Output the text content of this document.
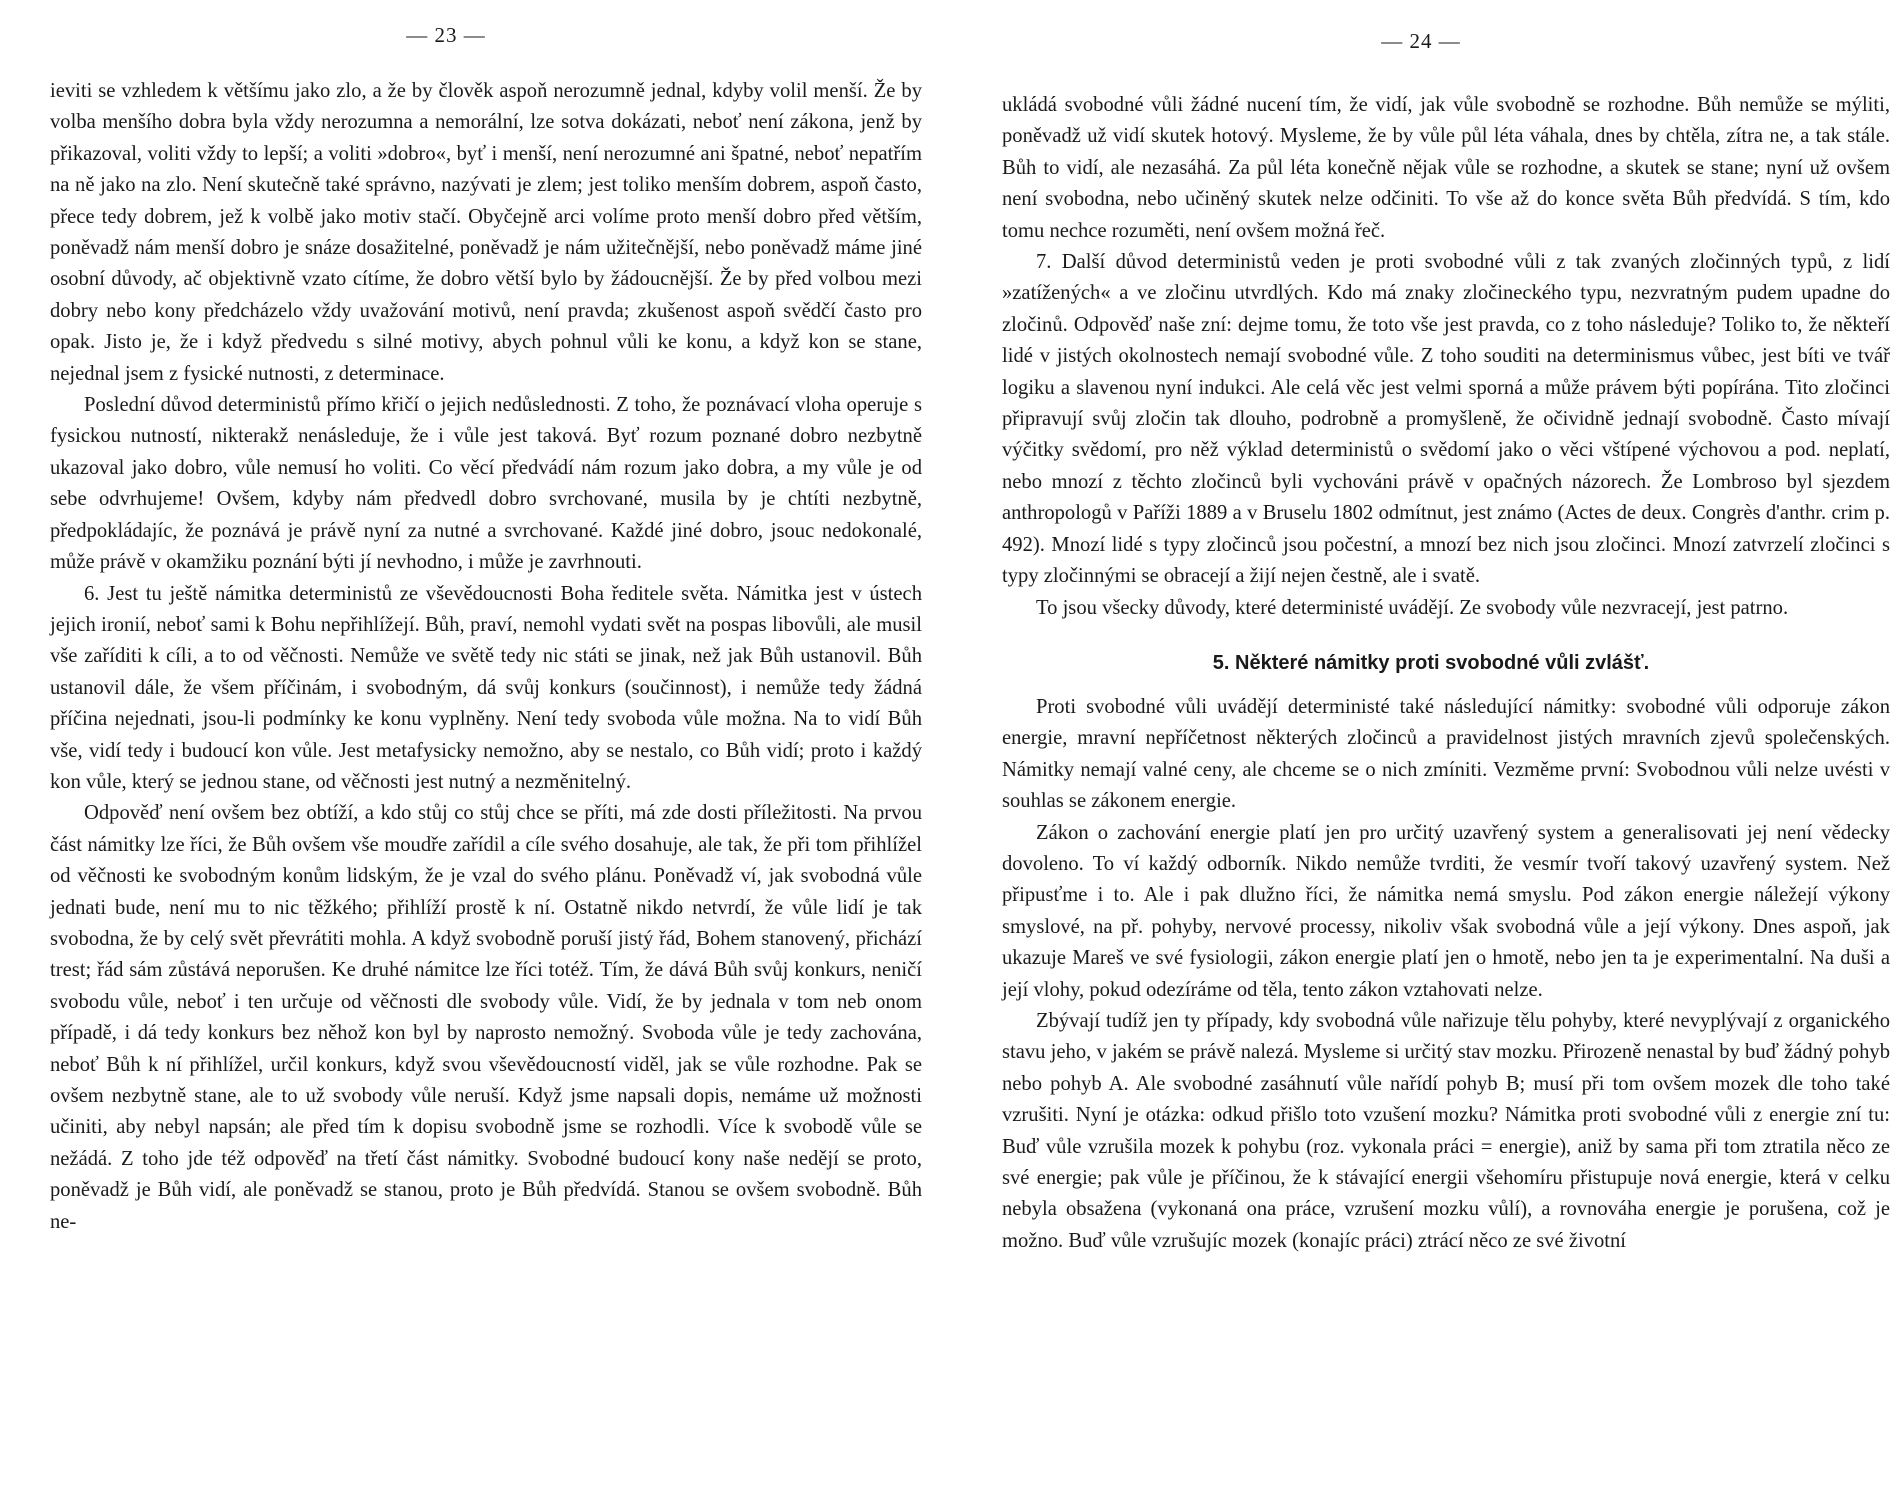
— 23 —

ieviti se vzhledem k většímu jako zlo, a že by člověk aspoň nerozumně jednal, kdyby volil menší. Že by volba menšího dobra byla vždy nerozumna a nemorální, lze sotva dokázati, neboť není zákona, jenž by přikazoval, voliti vždy to lepší; a voliti »dobro«, byť i menší, není nerozumné ani špatné, neboť nepatřím na ně jako na zlo. Není skutečně také správno, nazývati je zlem; jest toliko menším dobrem, aspoň často, přece tedy dobrem, jež k volbě jako motiv stačí. Obyčejně arci volíme proto menší dobro před větším, poněvadž nám menší dobro je snáze dosažitelné, poněvadž je nám užitečnější, nebo poněvadž máme jiné osobní důvody, ač objektivně vzato cítíme, že dobro větší bylo by žádoucnější. Že by před volbou mezi dobry nebo kony předcházelo vždy uvažování motivů, není pravda; zkušenost aspoň svědčí často pro opak. Jisto je, že i když předvedu s silné motivy, abych pohnul vůli ke konu, a když kon se stane, nejednal jsem z fysické nutnosti, z determinace.

Poslední důvod deterministů přímo křičí o jejich nedůslednosti. Z toho, že poznávací vloha operuje s fysickou nutností, nikterakž nenásleduje, že i vůle jest taková. Byť rozum poznané dobro nezbytně ukazoval jako dobro, vůle nemusí ho voliti. Co věcí předvádí nám rozum jako dobra, a my vůle je od sebe odvrhujeme! Ovšem, kdyby nám předvedl dobro svrchované, musila by je chtíti nezbytně, předpokládajíc, že poznává je právě nyní za nutné a svrchované. Každé jiné dobro, jsouc nedokonalé, může právě v okamžiku poznání býti jí nevhodno, i může je zavrhnouti.

6. Jest tu ještě námitka deterministů ze vševědoucnosti Boha ředitele světa. Námitka jest v ústech jejich ironií, neboť sami k Bohu nepřihlížejí. Bůh, praví, nemohl vydati svět na pospas libovůli, ale musil vše zaříditi k cíli, a to od věčnosti. Nemůže ve světě tedy nic státi se jinak, než jak Bůh ustanovil. Bůh ustanovil dále, že všem příčinám, i svobodným, dá svůj konkurs (součinnost), i nemůže tedy žádná příčina nejednati, jsou-li podmínky ke konu vyplněny. Není tedy svoboda vůle možna. Na to vidí Bůh vše, vidí tedy i budoucí kon vůle. Jest metafysicky nemožno, aby se nestalo, co Bůh vidí; proto i každý kon vůle, který se jednou stane, od věčnosti jest nutný a nezměnitelný.

Odpověď není ovšem bez obtíží, a kdo stůj co stůj chce se příti, má zde dosti příležitosti. Na prvou část námitky lze říci, že Bůh ovšem vše moudře zařídil a cíle svého dosahuje, ale tak, že při tom přihlížel od věčnosti ke svobodným konům lidským, že je vzal do svého plánu. Poněvadž ví, jak svobodná vůle jednati bude, není mu to nic těžkého; přihlíží prostě k ní. Ostatně nikdo netvrdí, že vůle lidí je tak svobodna, že by celý svět převrátiti mohla. A když svobodně poruší jistý řád, Bohem stanovený, přichází trest; řád sám zůstává neporušen. Ke druhé námitce lze říci totéž. Tím, že dává Bůh svůj konkurs, neničí svobodu vůle, neboť i ten určuje od věčnosti dle svobody vůle. Vidí, že by jednala v tom neb onom případě, i dá tedy konkurs bez něhož kon byl by naprosto nemožný. Svoboda vůle je tedy zachována, neboť Bůh k ní přihlížel, určil konkurs, když svou vševědoucností viděl, jak se vůle rozhodne. Pak se ovšem nezbytně stane, ale to už svobody vůle neruší. Když jsme napsali dopis, nemáme už možnosti učiniti, aby nebyl napsán; ale před tím k dopisu svobodně jsme se rozhodli. Více k svobodě vůle se nežádá. Z toho jde též odpověď na třetí část námitky. Svobodné budoucí kony naše nedějí se proto, poněvadž je Bůh vidí, ale poněvadž se stanou, proto je Bůh předvídá. Stanou se ovšem svobodně. Bůh ne-

— 24 —

ukládá svobodné vůli žádné nucení tím, že vidí, jak vůle svobodně se rozhodne. Bůh nemůže se mýliti, poněvadž už vidí skutek hotový. Mysleme, že by vůle půl léta váhala, dnes by chtěla, zítra ne, a tak stále. Bůh to vidí, ale nezasáhá. Za půl léta konečně nějak vůle se rozhodne, a skutek se stane; nyní už ovšem není svobodna, nebo učiněný skutek nelze odčiniti. To vše až do konce světa Bůh předvídá. S tím, kdo tomu nechce rozuměti, není ovšem možná řeč.

7. Další důvod deterministů veden je proti svobodné vůli z tak zvaných zločinných typů, z lidí »zatížených« a ve zločinu utvrdlých. Kdo má znaky zločineckého typu, nezvratným pudem upadne do zločinů. Odpověď naše zní: dejme tomu, že toto vše jest pravda, co z toho následuje? Toliko to, že někteří lidé v jistých okolnostech nemají svobodné vůle. Z toho souditi na determinismus vůbec, jest bíti ve tvář logiku a slavenou nyní indukci. Ale celá věc jest velmi sporná a může právem býti popírána. Tito zločinci připravují svůj zločin tak dlouho, podrobně a promyšleně, že očividně jednají svobodně. Často mívají výčitky svědomí, pro něž výklad deterministů o svědomí jako o věci vštípené výchovou a pod. neplatí, nebo mnozí z těchto zločinců byli vychováni právě v opačných názorech. Že Lombroso byl sjezdem anthropologů v Paříži 1889 a v Bruselu 1802 odmítnut, jest známo (Actes de deux. Congrès d'anthr. crim p. 492). Mnozí lidé s typy zločinců jsou počestní, a mnozí bez nich jsou zločinci. Mnozí zatvrzelí zločinci s typy zločinnými se obracejí a žijí nejen čestně, ale i svatě.

To jsou všecky důvody, které deterministé uvádějí. Ze svobody vůle nezvracejí, jest patrno.

5. Některé námitky proti svobodné vůli zvlášť.

Proti svobodné vůli uvádějí deterministé také následující námitky: svobodné vůli odporuje zákon energie, mravní nepříčetnost některých zločinců a pravidelnost jistých mravních zjevů společenských. Námitky nemají valné ceny, ale chceme se o nich zmíniti. Vezměme první: Svobodnou vůli nelze uvésti v souhlas se zákonem energie.

Zákon o zachování energie platí jen pro určitý uzavřený system a generalisovati jej není vědecky dovoleno. To ví každý odborník. Nikdo nemůže tvrditi, že vesmír tvoří takový uzavřený system. Než připusťme i to. Ale i pak dlužno říci, že námitka nemá smyslu. Pod zákon energie náležejí výkony smyslové, na př. pohyby, nervové processy, nikoliv však svobodná vůle a její výkony. Dnes aspoň, jak ukazuje Mareš ve své fysiologii, zákon energie platí jen o hmotě, nebo jen ta je experimentalní. Na duši a její vlohy, pokud odezíráme od těla, tento zákon vztahovati nelze.

Zbývají tudíž jen ty případy, kdy svobodná vůle nařizuje tělu pohyby, které nevyplývají z organického stavu jeho, v jakém se právě nalezá. Mysleme si určitý stav mozku. Přirozeně nenastal by buď žádný pohyb nebo pohyb A. Ale svobodné zasáhnutí vůle nařídí pohyb B; musí při tom ovšem mozek dle toho také vzrušiti. Nyní je otázka: odkud přišlo toto vzušení mozku? Námitka proti svobodné vůli z energie zní tu: Buď vůle vzrušila mozek k pohybu (roz. vykonala práci = energie), aniž by sama při tom ztratila něco ze své energie; pak vůle je příčinou, že k stávající energii všehomíru přistupuje nová energie, která v celku nebyla obsažena (vykonaná ona práce, vzrušení mozku vůlí), a rovnováha energie je porušena, což je možno. Buď vůle vzrušujíc mozek (konajíc práci) ztrácí něco ze své životní
